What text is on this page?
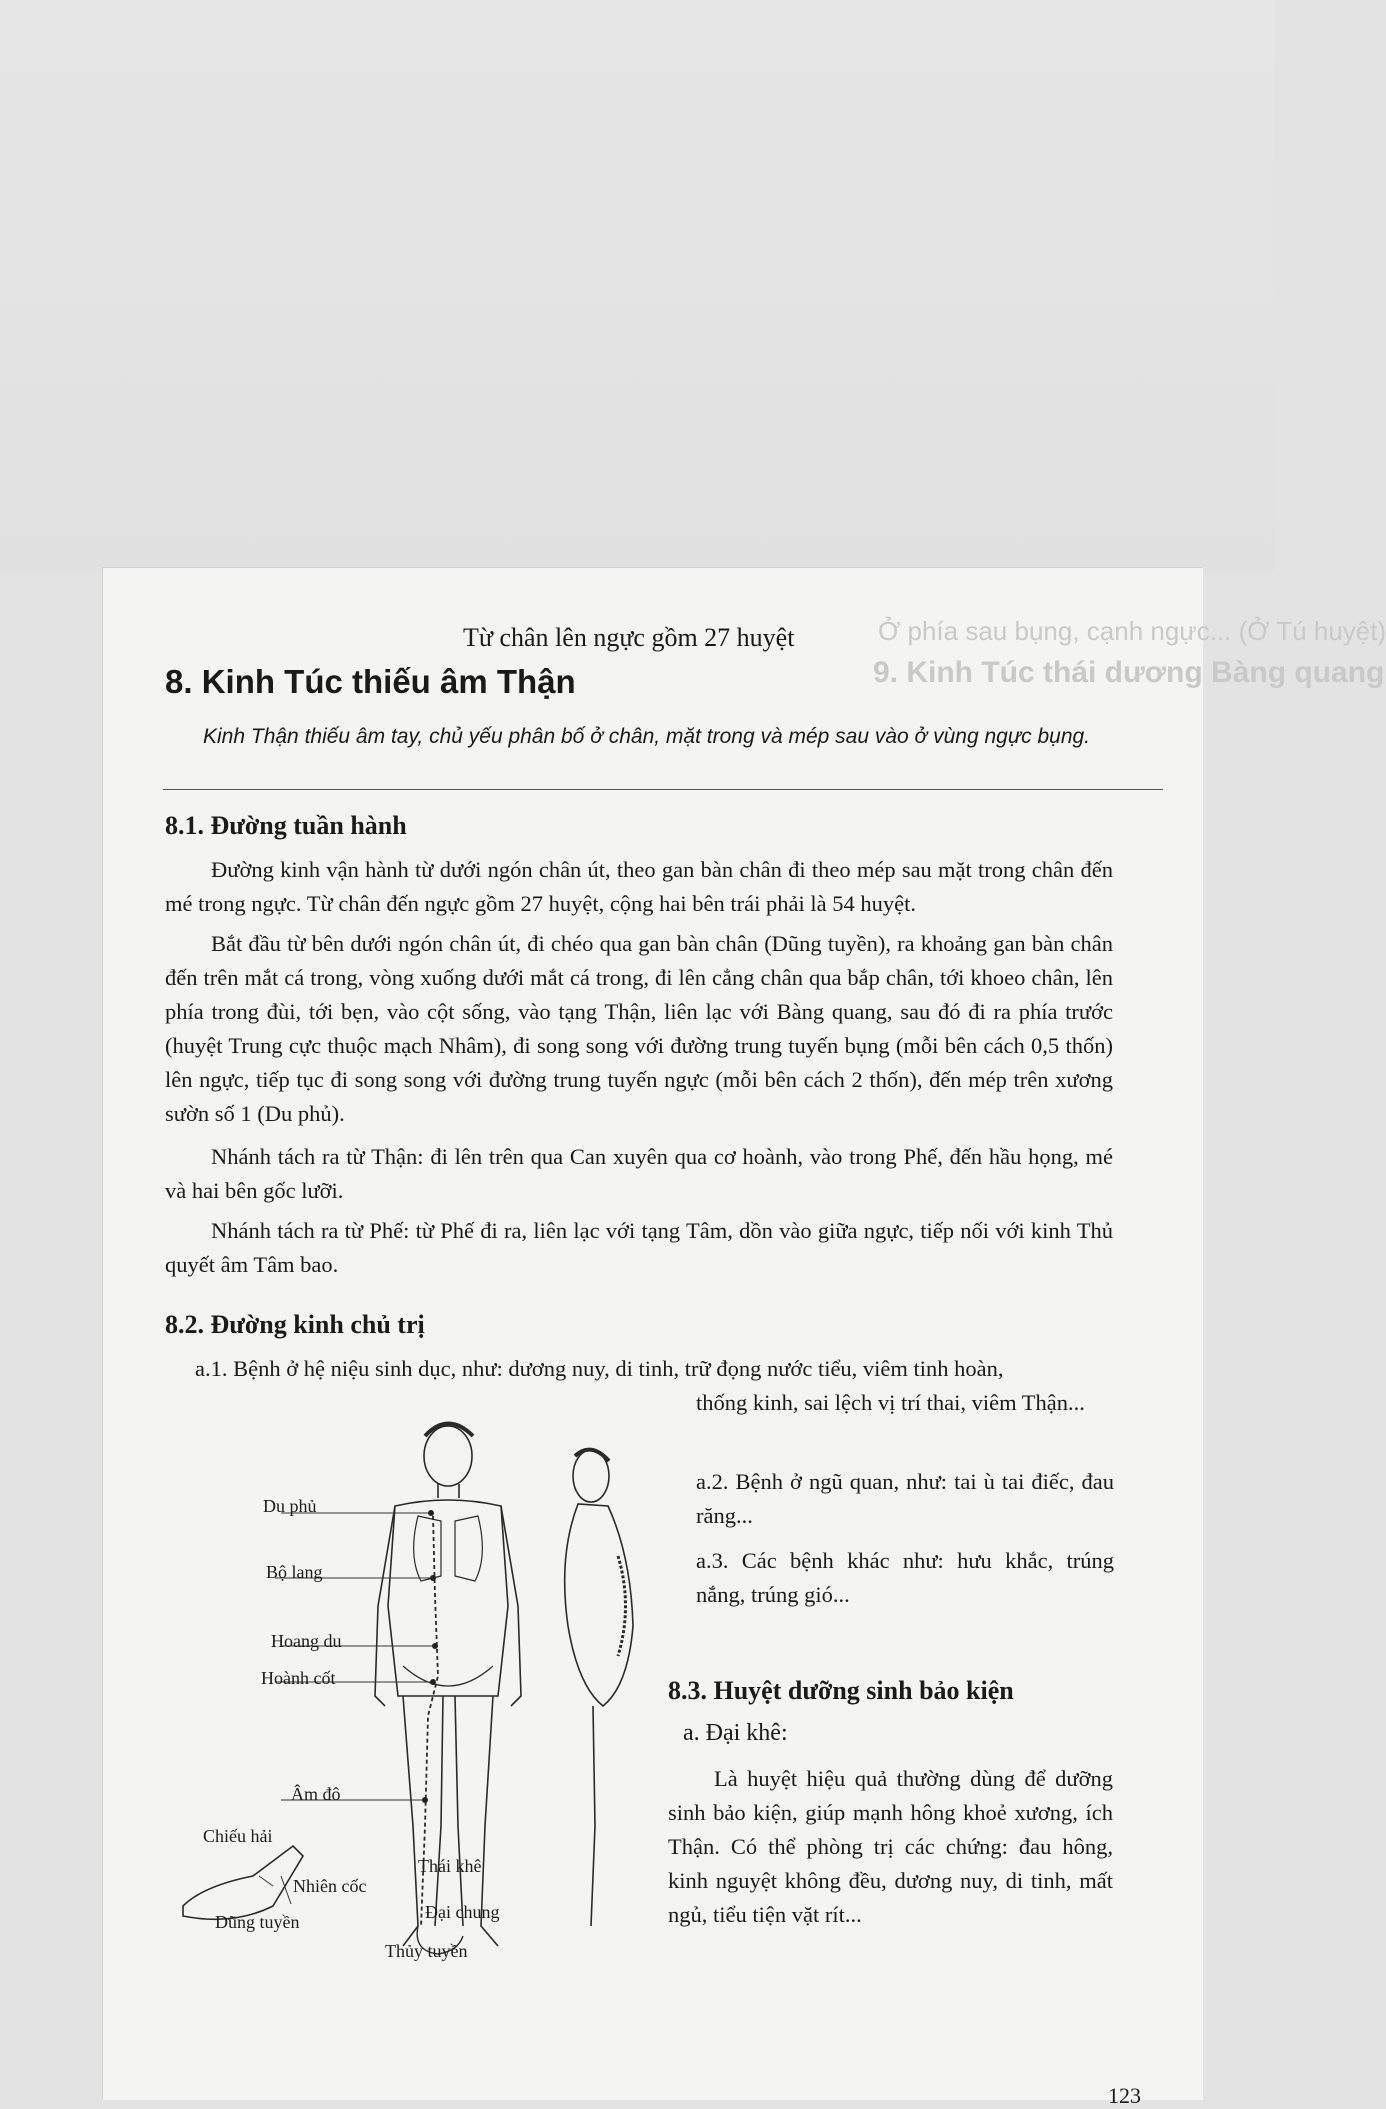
Ở phía sau bụng, cạnh ngực... (Ở Tú huyệt)
9. Kinh Túc thái dương Bàng quang
Từ chân lên ngực gồm 27 huyệt
8. Kinh Túc thiếu âm Thận

Kinh Thận thiếu âm tay, chủ yếu phân bố ở chân, mặt trong và mép sau vào ở vùng ngực bụng.

8.1. Đường tuần hành

Đường kinh vận hành từ dưới ngón chân út, theo gan bàn chân đi theo mép sau mặt trong chân đến mé trong ngực. Từ chân đến ngực gồm 27 huyệt, cộng hai bên trái phải là 54 huyệt.

Bắt đầu từ bên dưới ngón chân út, đi chéo qua gan bàn chân (Dũng tuyền), ra khoảng gan bàn chân đến trên mắt cá trong, vòng xuống dưới mắt cá trong, đi lên cẳng chân qua bắp chân, tới khoeo chân, lên phía trong đùi, tới bẹn, vào cột sống, vào tạng Thận, liên lạc với Bàng quang, sau đó đi ra phía trước (huyệt Trung cực thuộc mạch Nhâm), đi song song với đường trung tuyến bụng (mỗi bên cách 0,5 thốn) lên ngực, tiếp tục đi song song với đường trung tuyến ngực (mỗi bên cách 2 thốn), đến mép trên xương sườn số 1 (Du phủ).

Nhánh tách ra từ Thận: đi lên trên qua Can xuyên qua cơ hoành, vào trong Phế, đến hầu họng, mé và hai bên gốc lưỡi.

Nhánh tách ra từ Phế: từ Phế đi ra, liên lạc với tạng Tâm, dồn vào giữa ngực, tiếp nối với kinh Thủ quyết âm Tâm bao.

8.2. Đường kinh chủ trị

a.1. Bệnh ở hệ niệu sinh dục, như: dương nuy, di tinh, trữ đọng nước tiểu, viêm tinh hoàn,

thống kinh, sai lệch vị trí thai, viêm Thận...

a.2. Bệnh ở ngũ quan, như: tai ù tai điếc, đau răng...

a.3. Các bệnh khác như: hưu khắc, trúng nắng, trúng gió...

8.3. Huyệt dưỡng sinh bảo kiện

a. Đại khê:

Là huyệt hiệu quả thường dùng để dưỡng sinh bảo kiện, giúp mạnh hông khoẻ xương, ích Thận. Có thể phòng trị các chứng: đau hông, kinh nguyệt không đều, dương nuy, di tinh, mất ngủ, tiểu tiện vặt rít...

Du phủ
Bộ lang
Hoang du
Hoành cốt
Âm đô
Chiếu hải
Nhiên cốc
Dũng tuyền
Thái khê
Đại chung
Thủy tuyền
123
